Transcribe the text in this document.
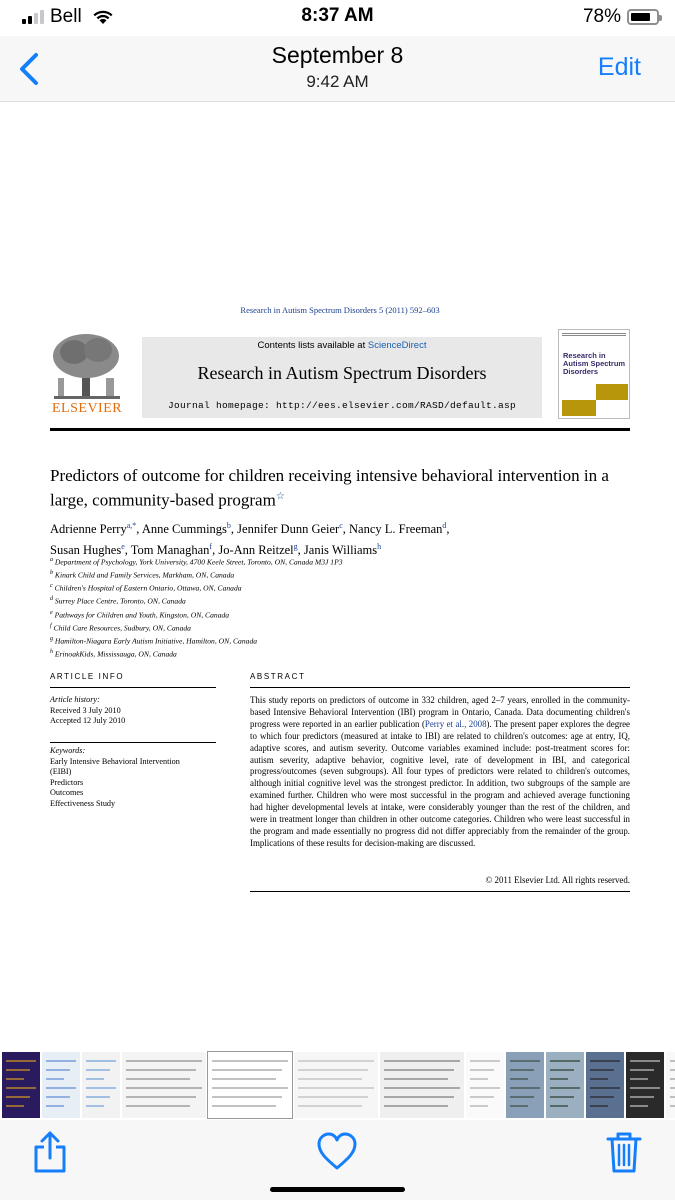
Bell	8:37 AM	78%
September 8
9:42 AM
Edit
Research in Autism Spectrum Disorders 5 (2011) 592–603
ELSEVIER
Contents lists available at ScienceDirect
Research in Autism Spectrum Disorders
Journal homepage: http://ees.elsevier.com/RASD/default.asp
Research in Autism Spectrum Disorders
Predictors of outcome for children receiving intensive behavioral intervention in a large, community-based program☆
Adrienne Perry$^{a,*}$, Anne Cummings$^b$, Jennifer Dunn Geier$^c$, Nancy L. Freeman$^d$,
Susan Hughes$^e$, Tom Managhan$^f$, Jo-Ann Reitzel$^g$, Janis Williams$^h$
$^a$ Department of Psychology, York University, 4700 Keele Street, Toronto, ON, Canada M3J 1P3
$^b$ Kinark Child and Family Services, Markham, ON, Canada
$^c$ Children's Hospital of Eastern Ontario, Ottawa, ON, Canada
$^d$ Surrey Place Centre, Toronto, ON, Canada
$^e$ Pathways for Children and Youth, Kingston, ON, Canada
$^f$ Child Care Resources, Sudbury, ON, Canada
$^g$ Hamilton-Niagara Early Autism Initiative, Hamilton, ON, Canada
$^h$ ErinoakKids, Mississauga, ON, Canada
ARTICLE INFO	ABSTRACT
Article history:
Received 3 July 2010
Accepted 12 July 2010
Keywords:
Early Intensive Behavioral Intervention
(EIBI)
Predictors
Outcomes
Effectiveness Study
This study reports on predictors of outcome in 332 children, aged 2–7 years, enrolled in the community-based Intensive Behavioral Intervention (IBI) program in Ontario, Canada. Data documenting children's progress were reported in an earlier publication (Perry et al., 2008). The present paper explores the degree to which four predictors (measured at intake to IBI) are related to children's outcomes: age at entry, IQ, adaptive scores, and autism severity. Outcome variables examined include: post-treatment scores for: autism severity, adaptive behavior, cognitive level, rate of development in IBI, and categorical progress/outcomes (seven subgroups). All four types of predictors were related to children's outcomes, although initial cognitive level was the strongest predictor. In addition, two subgroups of the sample are examined further. Children who were most successful in the program and achieved average functioning had higher developmental levels at intake, were considerably younger than the rest of the children, and were in treatment longer than children in other outcome categories. Children who were least successful in the program and made essentially no progress did not differ appreciably from the remainder of the group. Implications of these results for decision-making are discussed.
© 2011 Elsevier Ltd. All rights reserved.
